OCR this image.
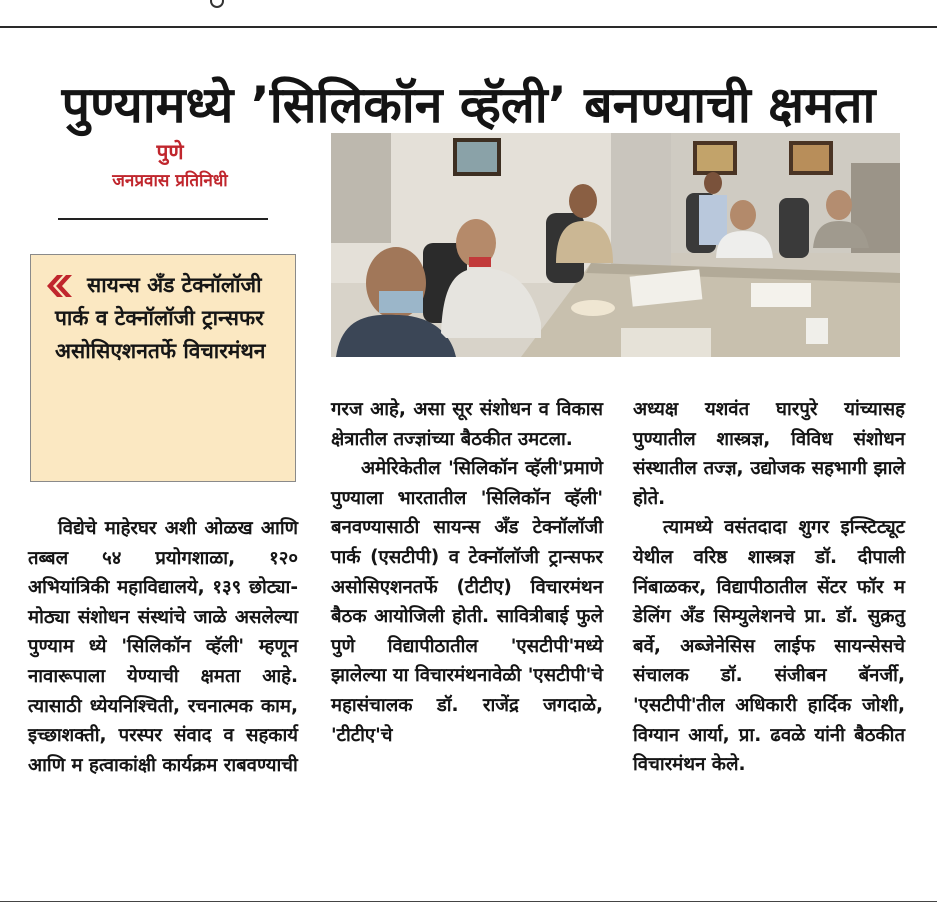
पुण्यामध्ये ’सिलिकॉन व्हॅली’ बनण्याची क्षमता
पुणे
जनप्रवास प्रतिनिधी
सायन्स अँड टेक्नॉलॉजी पार्क व टेक्नॉलॉजी ट्रान्सफर असोसिएशनतर्फे विचारमंथन

विद्येचे माहेरघर अशी ओळख आणि तब्बल ५४ प्रयोगशाळा, १२० अभियांत्रिकी महाविद्यालये, १३९ छोट्या-मोठ्या संशोधन संस्थांचे जाळे असलेल्या पुण्याम ध्ये 'सिलिकॉन व्हॅली' म्हणून नावारूपाला येण्याची क्षमता आहे. त्यासाठी ध्येयनिश्चिती, रचनात्मक काम, इच्छाशक्ती, परस्पर संवाद व सहकार्य आणि म हत्वाकांक्षी कार्यक्रम राबवण्याची

गरज आहे, असा सूर संशोधन व विकास क्षेत्रातील तज्ज्ञांच्या बैठकीत उमटला.

अमेरिकेतील 'सिलिकॉन व्हॅली'प्रमाणे पुण्याला भारतातील 'सिलिकॉन व्हॅली' बनवण्यासाठी सायन्स अँड टेक्नॉलॉजी पार्क (एसटीपी) व टेक्नॉलॉजी ट्रान्सफर असोसिएशनतर्फे (टीटीए) विचारमंथन बैठक आयोजिली होती. सावित्रीबाई फुले पुणे विद्यापीठातील 'एसटीपी'मध्ये झालेल्या या विचारमंथनावेळी 'एसटीपी'चे महासंचालक डॉ. राजेंद्र जगदाळे, 'टीटीए'चे

अध्यक्ष यशवंत घारपुरे यांच्यासह पुण्यातील शास्त्रज्ञ, विविध संशोधन संस्थातील तज्ज्ञ, उद्योजक सहभागी झाले होते.

त्यामध्ये वसंतदादा शुगर इन्स्टिट्यूट येथील वरिष्ठ शास्त्रज्ञ डॉ. दीपाली निंबाळकर, विद्यापीठातील सेंटर फॉर म डेलिंग अँड सिम्युलेशनचे प्रा. डॉ. सुक्रतु बर्वे, अब्जेनेसिस लाईफ सायन्सेसचे संचालक डॉ. संजीबन बॅनर्जी, 'एसटीपी'तील अधिकारी हार्दिक जोशी, विग्यान आर्या, प्रा. ढवळे यांनी बैठकीत विचारमंथन केले.
